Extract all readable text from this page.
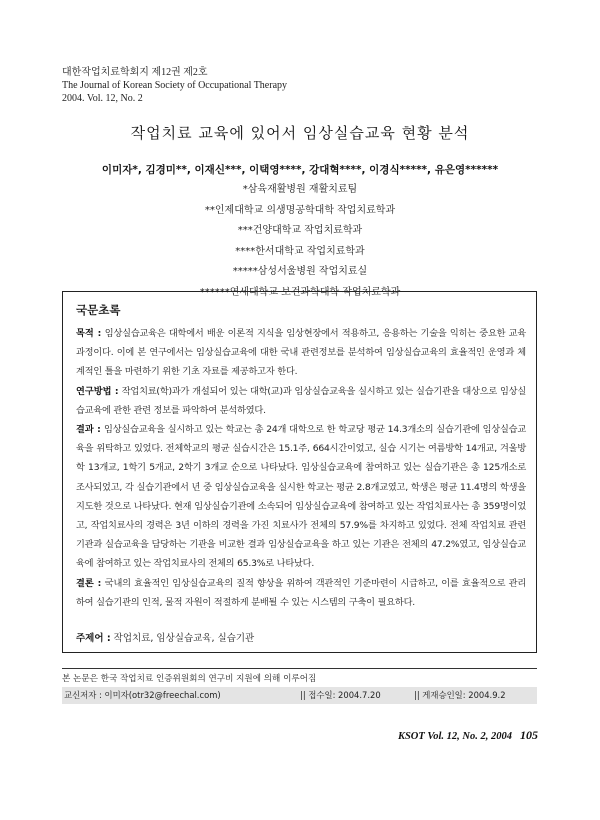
대한작업치료학회지 제12권 제2호
The Journal of Korean Society of Occupational Therapy
2004. Vol. 12, No. 2
작업치료 교육에 있어서 임상실습교육 현황 분석
이미자*, 김경미**, 이재신***, 이택영****, 강대혁****, 이경식*****, 유은영******
*삼육재활병원 재활치료팀
**인제대학교 의생명공학대학 작업치료학과
***건양대학교 작업치료학과
****한서대학교 작업치료학과
*****삼성서울병원 작업치료실
******연세대학교 보건과학대학 작업치료학과
국문초록

목적 : 임상실습교육은 대학에서 배운 이론적 지식을 임상현장에서 적용하고, 응용하는 기술을 익히는 중요한 교육과정이다. 이에 본 연구에서는 임상실습교육에 대한 국내 관련정보를 분석하여 임상실습교육의 효율적인 운영과 체계적인 틀을 마련하기 위한 기초 자료를 제공하고자 한다.

연구방법 : 작업치료(학)과가 개설되어 있는 대학(교)과 임상실습교육을 실시하고 있는 실습기관을 대상으로 임상실습교육에 관한 관련 정보를 파악하여 분석하였다.

결과 : 임상실습교육을 실시하고 있는 학교는 총 24개 대학으로 한 학교당 평균 14.3개소의 실습기관에 임상실습교육을 위탁하고 있었다. 전체학교의 평균 실습시간은 15.1주, 664시간이었고, 실습 시기는 여름방학 14개교, 겨울방학 13개교, 1학기 5개교, 2학기 3개교 순으로 나타났다. 임상실습교육에 참여하고 있는 실습기관은 총 125개소로 조사되었고, 각 실습기관에서 년 중 임상실습교육을 실시한 학교는 평균 2.8개교였고, 학생은 평균 11.4명의 학생을 지도한 것으로 나타났다. 현재 임상실습기관에 소속되어 임상실습교육에 참여하고 있는 작업치료사는 총 359명이었고, 작업치료사의 경력은 3년 이하의 경력을 가진 치료사가 전체의 57.9%를 차지하고 있었다. 전체 작업치료 관련 기관과 실습교육을 담당하는 기관을 비교한 결과 임상실습교육을 하고 있는 기관은 전체의 47.2%였고, 임상실습교육에 참여하고 있는 작업치료사의 전체의 65.3%로 나타났다.

결론 : 국내의 효율적인 임상실습교육의 질적 향상을 위하여 객관적인 기준마련이 시급하고, 이를 효율적으로 관리하여 실습기관의 인적, 물적 자원이 적절하게 분배될 수 있는 시스템의 구축이 필요하다.

주제어 : 작업치료, 임상실습교육, 실습기관
본 논문은 한국 작업치료 인증위원회의 연구비 지원에 의해 이루어짐
교신저자 : 이미자(otr32@freechal.com)	|| 접수일: 2004.7.20	|| 게재승인일: 2004.9.2
KSOT Vol. 12, No. 2, 2004 105
